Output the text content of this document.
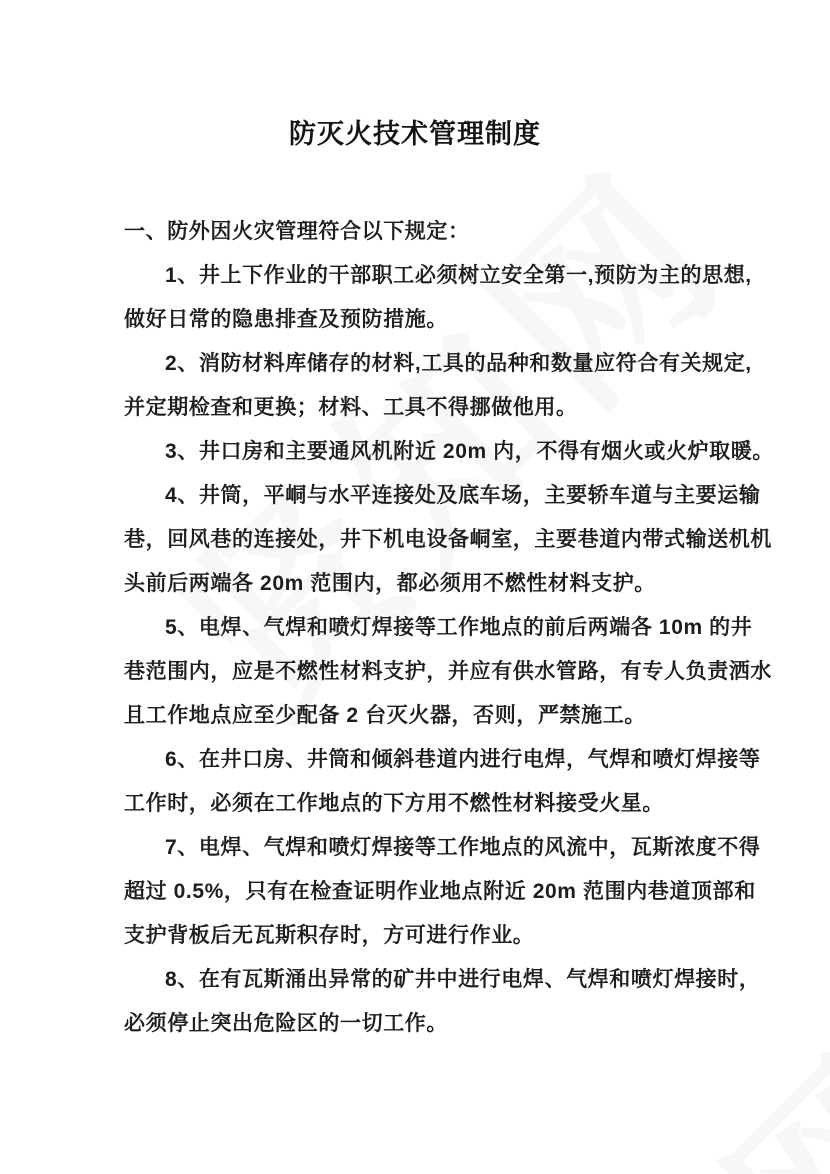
防灭火技术管理制度
一、防外因火灾管理符合以下规定：
1、井上下作业的干部职工必须树立安全第一,预防为主的思想,
做好日常的隐患排查及预防措施。
2、消防材料库储存的材料,工具的品种和数量应符合有关规定,
并定期检查和更换；材料、工具不得挪做他用。
3、井口房和主要通风机附近 20m 内，不得有烟火或火炉取暖。
4、井筒，平峒与水平连接处及底车场，主要轿车道与主要运输
巷，回风巷的连接处，井下机电设备峒室，主要巷道内带式输送机机
头前后两端各 20m 范围内，都必须用不燃性材料支护。
5、电焊、气焊和喷灯焊接等工作地点的前后两端各 10m 的井
巷范围内，应是不燃性材料支护，并应有供水管路，有专人负责洒水
且工作地点应至少配备 2 台灭火器，否则，严禁施工。
6、在井口房、井筒和倾斜巷道内进行电焊，气焊和喷灯焊接等
工作时，必须在工作地点的下方用不燃性材料接受火星。
7、电焊、气焊和喷灯焊接等工作地点的风流中，瓦斯浓度不得
超过 0.5%，只有在检查证明作业地点附近 20m 范围内巷道顶部和
支护背板后无瓦斯积存时，方可进行作业。
8、在有瓦斯涌出异常的矿井中进行电焊、气焊和喷灯焊接时，
必须停止突出危险区的一切工作。
